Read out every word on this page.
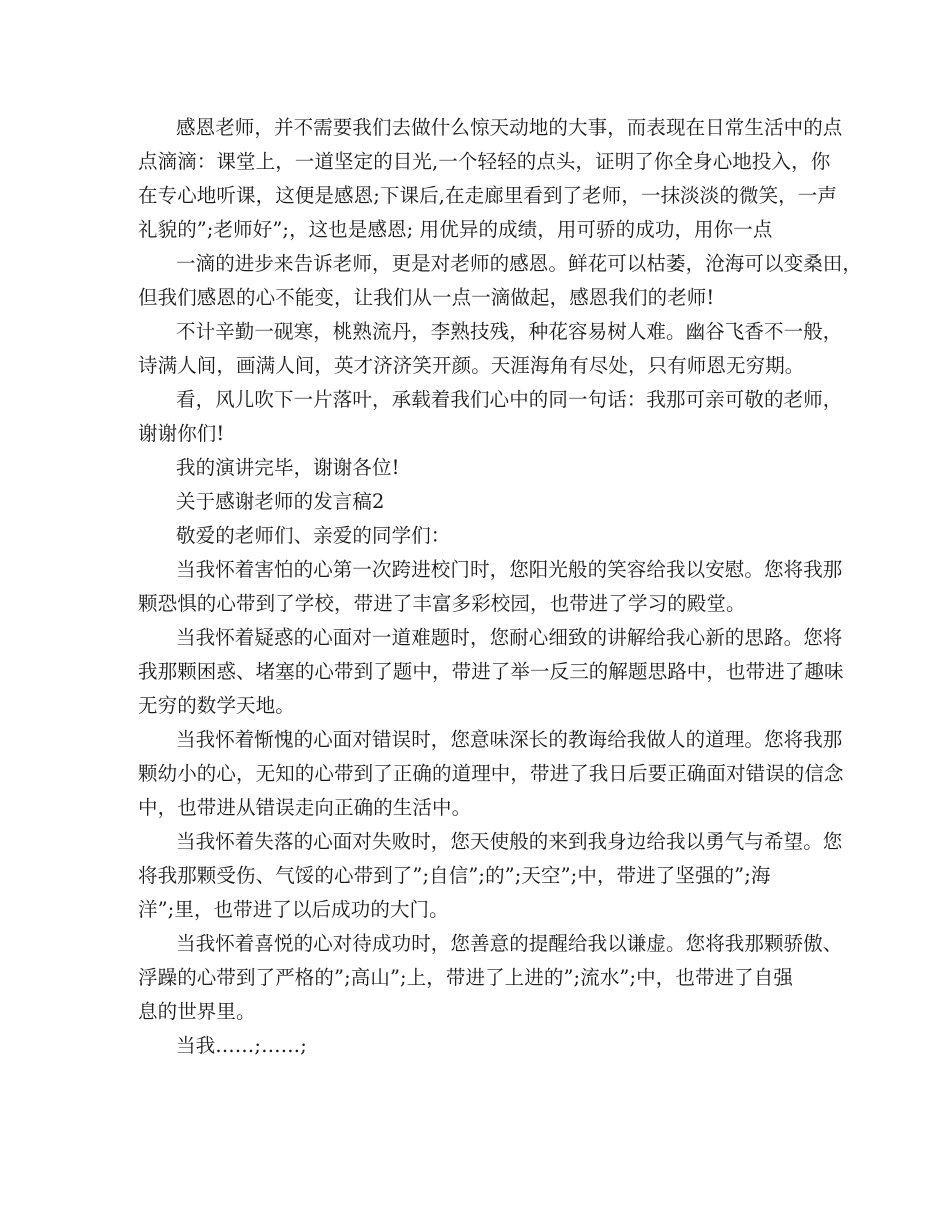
感恩老师，并不需要我们去做什么惊天动地的大事，而表现在日常生活中的点
点滴滴：课堂上，一道坚定的目光,一个轻轻的点头，证明了你全身心地投入，你
在专心地听课，这便是感恩;下课后,在走廊里看到了老师，一抹淡淡的微笑，一声
礼貌的”;老师好”;，这也是感恩; 用优异的成绩，用可骄的成功，用你一点
一滴的进步来告诉老师，更是对老师的感恩。鲜花可以枯萎，沧海可以变桑田，
但我们感恩的心不能变，让我们从一点一滴做起，感恩我们的老师!
不计辛勤一砚寒，桃熟流丹，李熟技残，种花容易树人难。幽谷飞香不一般，
诗满人间，画满人间，英才济济笑开颜。天涯海角有尽处，只有师恩无穷期。
看，风儿吹下一片落叶，承载着我们心中的同一句话：我那可亲可敬的老师，
谢谢你们!
我的演讲完毕，谢谢各位!
关于感谢老师的发言稿2
敬爱的老师们、亲爱的同学们：
当我怀着害怕的心第一次跨进校门时，您阳光般的笑容给我以安慰。您将我那
颗恐惧的心带到了学校，带进了丰富多彩校园，也带进了学习的殿堂。
当我怀着疑惑的心面对一道难题时，您耐心细致的讲解给我心新的思路。您将
我那颗困惑、堵塞的心带到了题中，带进了举一反三的解题思路中，也带进了趣味
无穷的数学天地。
当我怀着惭愧的心面对错误时，您意味深长的教诲给我做人的道理。您将我那
颗幼小的心，无知的心带到了正确的道理中，带进了我日后要正确面对错误的信念
中，也带进从错误走向正确的生活中。
当我怀着失落的心面对失败时，您天使般的来到我身边给我以勇气与希望。您
将我那颗受伤、气馁的心带到了”;自信”;的”;天空”;中，带进了坚强的”;海
洋”;里，也带进了以后成功的大门。
当我怀着喜悦的心对待成功时，您善意的提醒给我以谦虚。您将我那颗骄傲、
浮躁的心带到了严格的”;高山”;上，带进了上进的”;流水”;中，也带进了自强
息的世界里。
当我……;……;
